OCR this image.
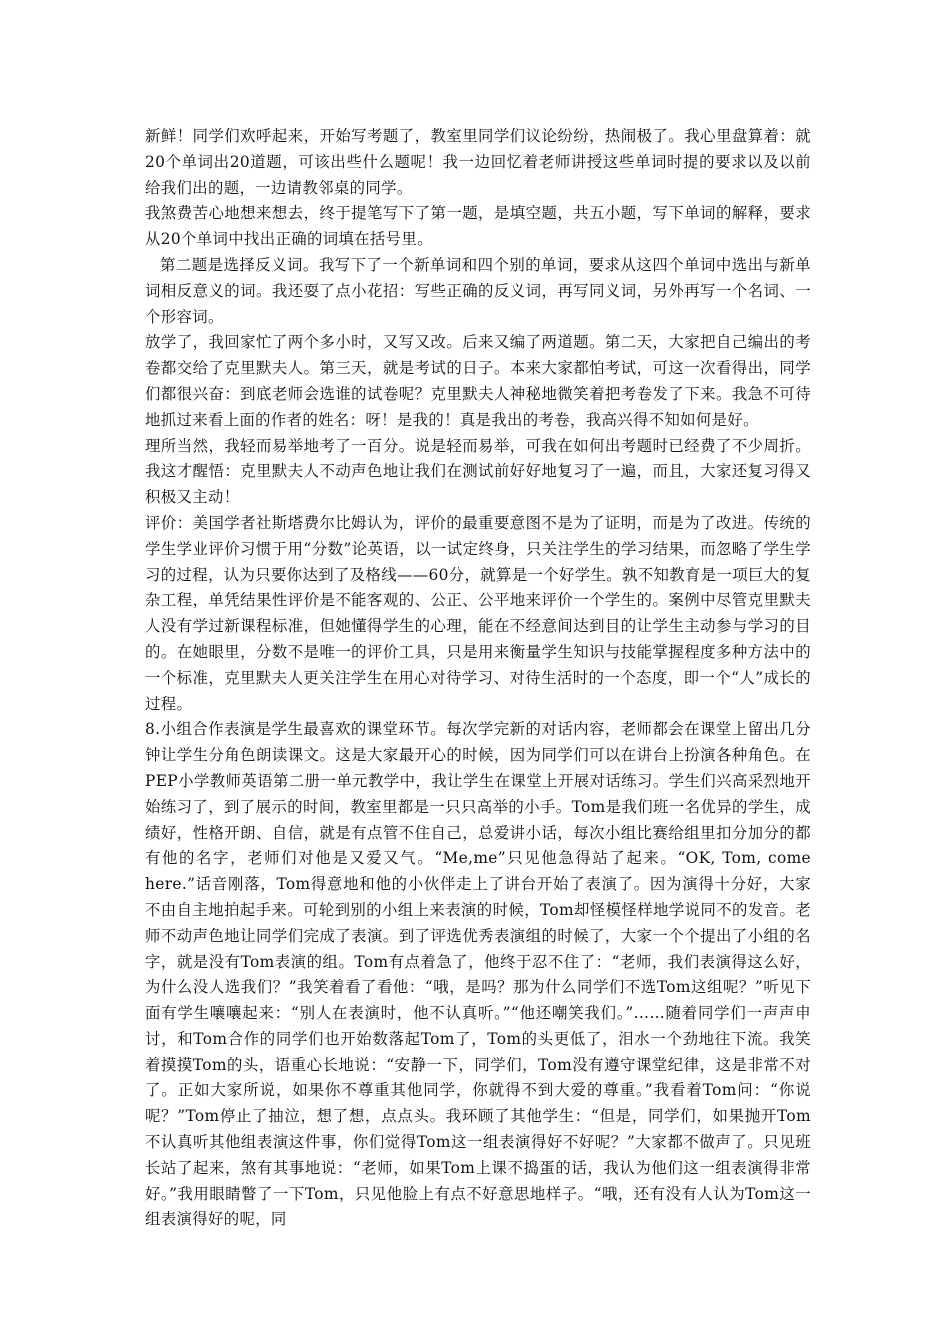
新鲜！同学们欢呼起来，开始写考题了，教室里同学们议论纷纷，热闹极了。我心里盘算着：就20个单词出20道题，可该出些什么题呢！我一边回忆着老师讲授这些单词时提的要求以及以前给我们出的题，一边请教邻桌的同学。

我煞费苦心地想来想去，终于提笔写下了第一题，是填空题，共五小题，写下单词的解释，要求从20个单词中找出正确的词填在括号里。

第二题是选择反义词。我写下了一个新单词和四个别的单词，要求从这四个单词中选出与新单词相反意义的词。我还耍了点小花招：写些正确的反义词，再写同义词，另外再写一个名词、一个形容词。

放学了，我回家忙了两个多小时，又写又改。后来又编了两道题。第二天，大家把自己编出的考卷都交给了克里默夫人。第三天，就是考试的日子。本来大家都怕考试，可这一次看得出，同学们都很兴奋：到底老师会选谁的试卷呢？克里默夫人神秘地微笑着把考卷发了下来。我急不可待地抓过来看上面的作者的姓名：呀！是我的！真是我出的考卷，我高兴得不知如何是好。

理所当然，我轻而易举地考了一百分。说是轻而易举，可我在如何出考题时已经费了不少周折。我这才醒悟：克里默夫人不动声色地让我们在测试前好好地复习了一遍，而且，大家还复习得又积极又主动！

评价：美国学者社斯塔费尔比姆认为，评价的最重要意图不是为了证明，而是为了改进。传统的学生学业评价习惯于用“分数”论英语，以一试定终身，只关注学生的学习结果，而忽略了学生学习的过程，认为只要你达到了及格线——60分，就算是一个好学生。孰不知教育是一项巨大的复杂工程，单凭结果性评价是不能客观的、公正、公平地来评价一个学生的。案例中尽管克里默夫人没有学过新课程标准，但她懂得学生的心理，能在不经意间达到目的让学生主动参与学习的目的。在她眼里，分数不是唯一的评价工具，只是用来衡量学生知识与技能掌握程度多种方法中的一个标准，克里默夫人更关注学生在用心对待学习、对待生活时的一个态度，即一个“人”成长的过程。

8.小组合作表演是学生最喜欢的课堂环节。每次学完新的对话内容，老师都会在课堂上留出几分钟让学生分角色朗读课文。这是大家最开心的时候，因为同学们可以在讲台上扮演各种角色。在PEP小学教师英语第二册一单元教学中，我让学生在课堂上开展对话练习。学生们兴高采烈地开始练习了，到了展示的时间，教室里都是一只只高举的小手。Tom是我们班一名优异的学生，成绩好，性格开朗、自信，就是有点管不住自己，总爱讲小话，每次小组比赛给组里扣分加分的都有他的名字，老师们对他是又爱又气。“Me,me”只见他急得站了起来。“OK, Tom, come here.”话音刚落，Tom得意地和他的小伙伴走上了讲台开始了表演了。因为演得十分好，大家不由自主地拍起手来。可轮到别的小组上来表演的时候，Tom却怪模怪样地学说同不的发音。老师不动声色地让同学们完成了表演。到了评选优秀表演组的时候了，大家一个个提出了小组的名字，就是没有Tom表演的组。Tom有点着急了，他终于忍不住了：“老师，我们表演得这么好，为什么没人选我们？”我笑着看了看他：“哦，是吗？那为什么同学们不选Tom这组呢？”听见下面有学生嚷嚷起来：“别人在表演时，他不认真听。”“他还嘲笑我们。”……随着同学们一声声申讨，和Tom合作的同学们也开始数落起Tom了，Tom的头更低了，泪水一个劲地往下流。我笑着摸摸Tom的头，语重心长地说：“安静一下，同学们，Tom没有遵守课堂纪律，这是非常不对了。正如大家所说，如果你不尊重其他同学，你就得不到大爱的尊重。”我看着Tom问：“你说呢？”Tom停止了抽泣，想了想，点点头。我环顾了其他学生：“但是，同学们，如果抛开Tom不认真听其他组表演这件事，你们觉得Tom这一组表演得好不好呢？”大家都不做声了。只见班长站了起来，煞有其事地说：“老师，如果Tom上课不捣蛋的话，我认为他们这一组表演得非常好。”我用眼睛瞥了一下Tom，只见他脸上有点不好意思地样子。“哦，还有没有人认为Tom这一组表演得好的呢，同
